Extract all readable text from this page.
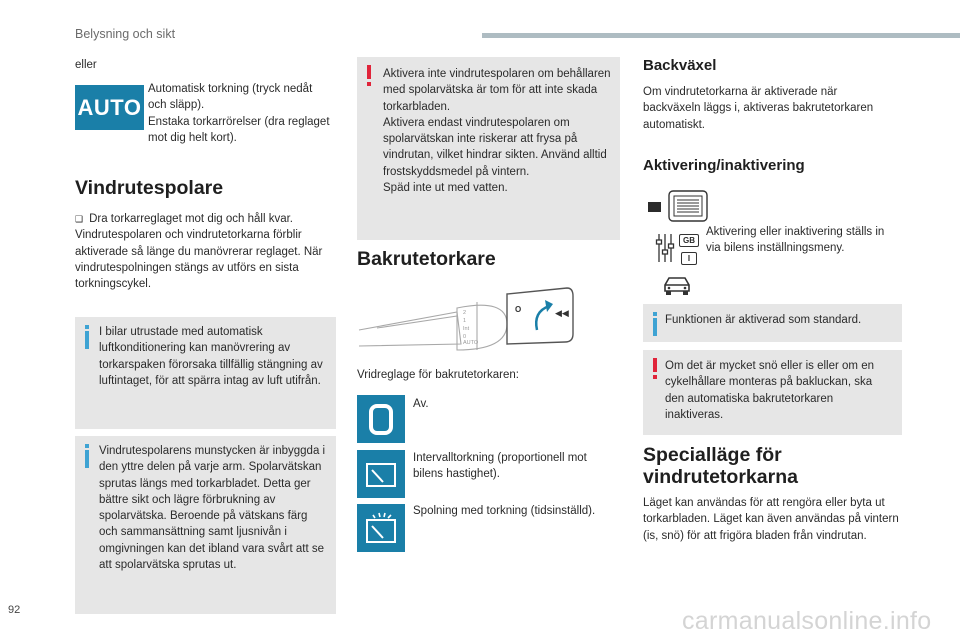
Belysning och sikt
eller
AUTO

Automatisk torkning (tryck nedåt och släpp).

Enstaka torkarrörelser (dra reglaget mot dig helt kort).

Vindrutespolare

❑ Dra torkarreglaget mot dig och håll kvar.

Vindrutespolaren och vindrutetorkarna förblir aktiverade så länge du manövrerar reglaget. När vindrutespolningen stängs av utförs en sista torkningscykel.

I bilar utrustade med automatisk luftkonditionering kan manövrering av torkarspaken förorsaka tillfällig stängning av luftintaget, för att spärra intag av luft utifrån.

Vindrutespolarens munstycken är inbyggda i den yttre delen på varje arm. Spolarvätskan sprutas längs med torkarbladet. Detta ger bättre sikt och lägre förbrukning av spolarvätska. Beroende på vätskans färg och sammansättning samt ljusnivån i omgivningen kan det ibland vara svårt att se att spolarvätska sprutas ut.

Aktivera inte vindrutespolaren om behållaren med spolarvätska är tom för att inte skada torkarbladen.
Aktivera endast vindrutespolaren om spolarvätskan inte riskerar att frysa på vindrutan, vilket hindrar sikten. Använd alltid frostskyddsmedel på vintern.
Späd inte ut med vatten.

Bakrutetorkare
◀◀
O
2
1
Int
0
AUTO

Vridreglage för bakrutetorkaren:

Av.

Intervalltorkning (proportionell mot bilens hastighet).

Spolning med torkning (tidsinställd).

Backväxel

Om vindrutetorkarna är aktiverade när backväxeln läggs i, aktiveras bakrutetorkaren automatiskt.

Aktivering/inaktivering
GB
I

Aktivering eller inaktivering ställs in via bilens inställningsmeny.

Funktionen är aktiverad som standard.

Om det är mycket snö eller is eller om en cykelhållare monteras på bakluckan, ska den automatiska bakrutetorkaren inaktiveras.

Specialläge för vindrutetorkarna

Läget kan användas för att rengöra eller byta ut torkarbladen. Läget kan även användas på vintern (is, snö) för att frigöra bladen från vindrutan.

92	carmanualsonline.info
